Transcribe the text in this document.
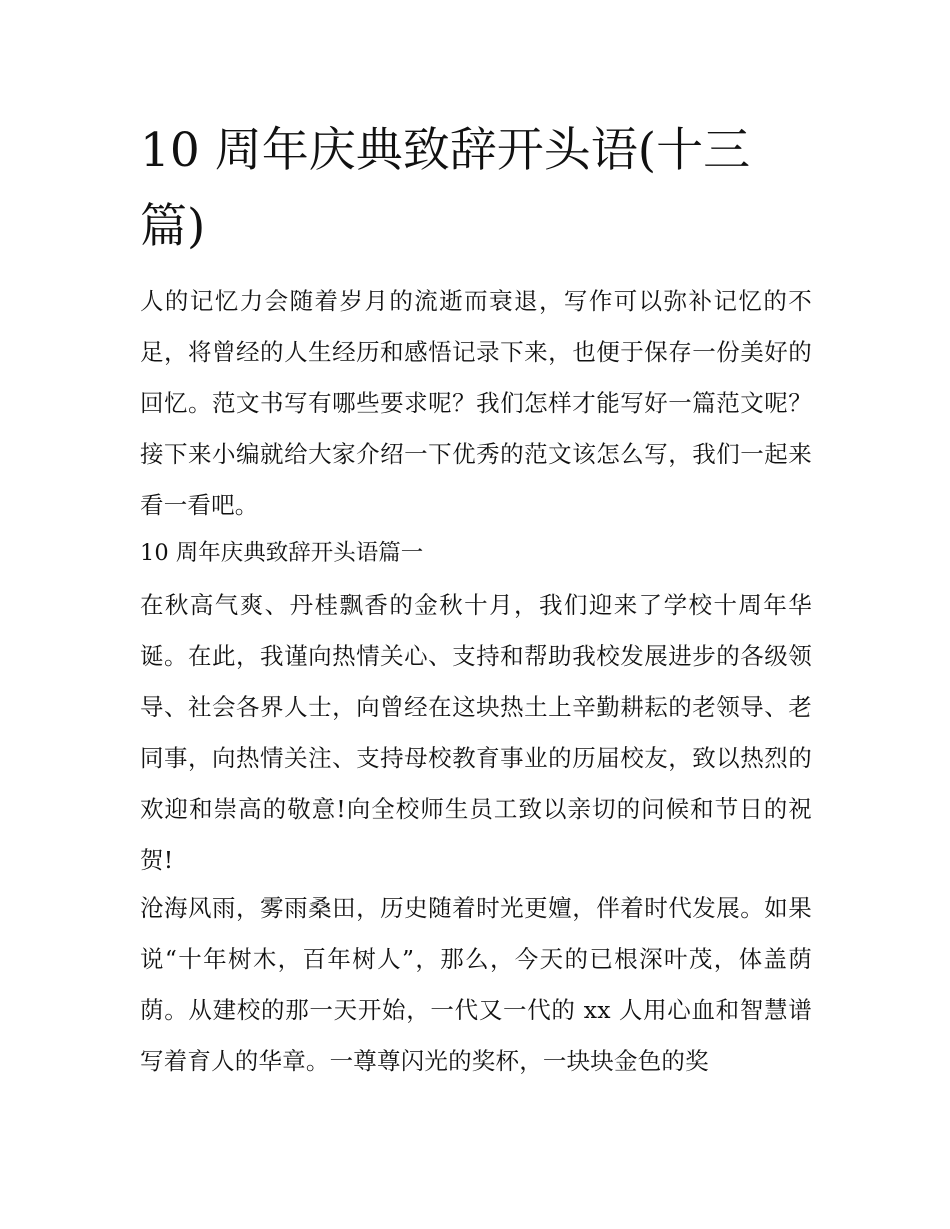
10 周年庆典致辞开头语(十三篇)

人的记忆力会随着岁月的流逝而衰退，写作可以弥补记忆的不足，将曾经的人生经历和感悟记录下来，也便于保存一份美好的回忆。范文书写有哪些要求呢？我们怎样才能写好一篇范文呢？接下来小编就给大家介绍一下优秀的范文该怎么写，我们一起来看一看吧。

10 周年庆典致辞开头语篇一

在秋高气爽、丹桂飘香的金秋十月，我们迎来了学校十周年华诞。在此，我谨向热情关心、支持和帮助我校发展进步的各级领导、社会各界人士，向曾经在这块热土上辛勤耕耘的老领导、老同事，向热情关注、支持母校教育事业的历届校友，致以热烈的欢迎和崇高的敬意!向全校师生员工致以亲切的问候和节日的祝贺!

沧海风雨，雾雨桑田，历史随着时光更嬗，伴着时代发展。如果说“十年树木，百年树人”，那么，今天的已根深叶茂，体盖荫荫。从建校的那一天开始，一代又一代的 xx 人用心血和智慧谱写着育人的华章。一尊尊闪光的奖杯，一块块金色的奖
